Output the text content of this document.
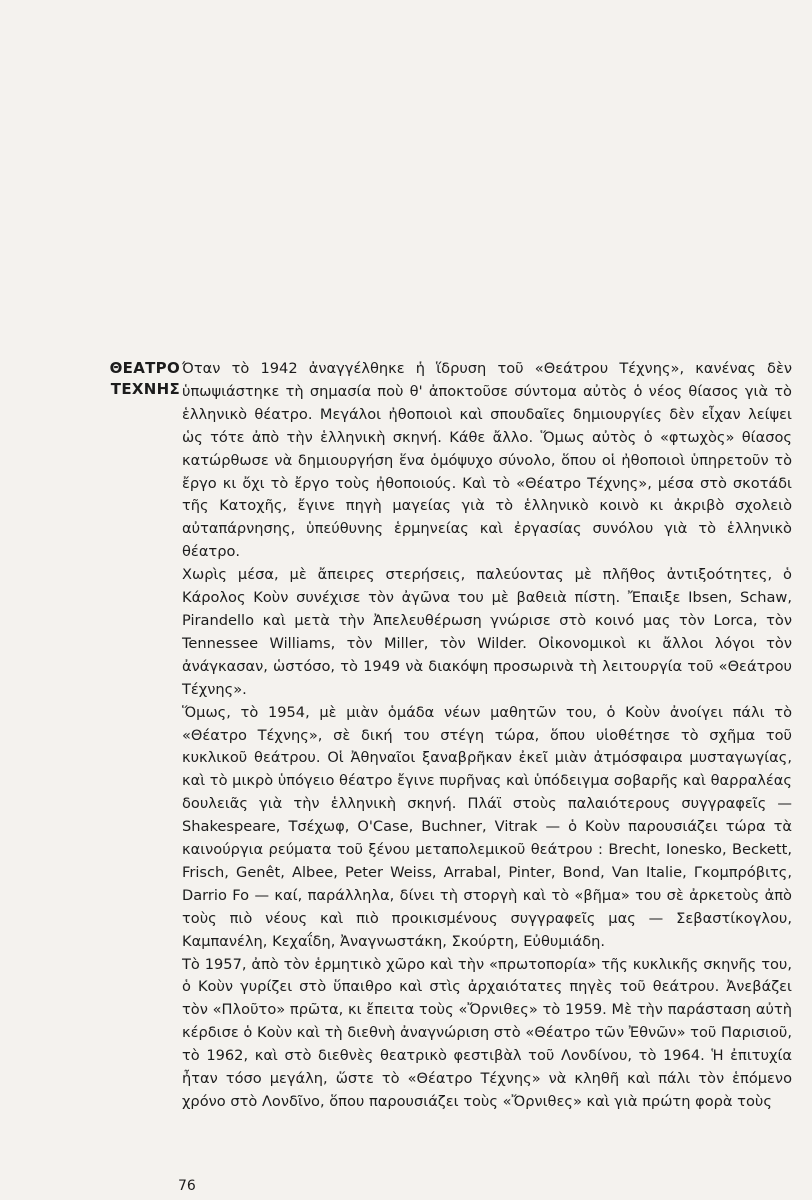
ΘΕΑΤΡΟ
ΤΕΧΝΗΣ

Όταν τὸ 1942 ἀναγγέλθηκε ἡ ἵδρυση τοῦ «Θεάτρου Τέχνης», κανένας δὲν ὑπωψιάστηκε τὴ σημασία ποὺ θ' ἀποκτοῦσε σύντομα αὐτὸς ὁ νέος θίασος γιὰ τὸ ἑλληνικὸ θέατρο. Μεγάλοι ἠθοποιοὶ καὶ σπουδαῖες δημιουργίες δὲν εἶχαν λείψει ὡς τότε ἀπὸ τὴν ἑλληνικὴ σκηνή. Κάθε ἄλλο. Ὅμως αὐτὸς ὁ «φτωχὸς» θίασος κατώρθωσε νὰ δημιουργήση ἕνα ὁμόψυχο σύνολο, ὅπου οἱ ἠθοποιοὶ ὑπηρετοῦν τὸ ἔργο κι ὄχι τὸ ἔργο τοὺς ἠθοποιούς. Καὶ τὸ «Θέατρο Τέχνης», μέσα στὸ σκοτάδι τῆς Κατοχῆς, ἔγινε πηγὴ μαγείας γιὰ τὸ ἑλληνικὸ κοινὸ κι ἀκριβὸ σχολειὸ αὐταπάρνησης, ὑπεύθυνης ἑρμηνείας καὶ ἐργασίας συνόλου γιὰ τὸ ἑλληνικὸ θέατρο.

Χωρὶς μέσα, μὲ ἄπειρες στερήσεις, παλεύοντας μὲ πλῆθος ἀντιξοότητες, ὁ Κάρολος Κοὺν συνέχισε τὸν ἀγῶνα του μὲ βαθειὰ πίστη. Ἔπαιξε Ibsen, Schaw, Pirandello καὶ μετὰ τὴν Ἀπελευθέρωση γνώρισε στὸ κοινό μας τὸν Lorca, τὸν Tennessee Williams, τὸν Miller, τὸν Wilder. Οἰκονομικοὶ κι ἄλλοι λόγοι τὸν ἀνάγκασαν, ὡστόσο, τὸ 1949 νὰ διακόψη προσωρινὰ τὴ λειτουργία τοῦ «Θεάτρου Τέχνης».

Ὅμως, τὸ 1954, μὲ μιὰν ὁμάδα νέων μαθητῶν του, ὁ Κοὺν ἀνοίγει πάλι τὸ «Θέατρο Τέχνης», σὲ δική του στέγη τώρα, ὅπου υἱοθέτησε τὸ σχῆμα τοῦ κυκλικοῦ θεάτρου. Οἱ Ἀθηναῖοι ξαναβρῆκαν ἐκεῖ μιὰν ἀτμόσφαιρα μυσταγωγίας, καὶ τὸ μικρὸ ὑπόγειο θέατρο ἔγινε πυρῆνας καὶ ὑπόδειγμα σοβαρῆς καὶ θαρραλέας δουλειᾶς γιὰ τὴν ἑλληνικὴ σκηνή. Πλάϊ στοὺς παλαιότερους συγγραφεῖς — Shakespeare, Τσέχωφ, O'Case, Buchner, Vitrak — ὁ Κοὺν παρουσιάζει τώρα τὰ καινούργια ρεύματα τοῦ ξένου μεταπολεμικοῦ θεάτρου : Brecht, Ionesko, Beckett, Frisch, Genêt, Albee, Peter Weiss, Arrabal, Pinter, Bond, Van Italie, Γκομπρόβιτς, Darrio Fo — καί, παράλληλα, δίνει τὴ στοργὴ καὶ τὸ «βῆμα» του σὲ ἀρκετοὺς ἀπὸ τοὺς πιὸ νέους καὶ πιὸ προικισμένους συγγραφεῖς μας — Σεβαστίκογλου, Καμπανέλη, Κεχαΐδη, Ἀναγνωστάκη, Σκούρτη, Εὐθυμιάδη.

Τὸ 1957, ἀπὸ τὸν ἑρμητικὸ χῶρο καὶ τὴν «πρωτοπορία» τῆς κυκλικῆς σκηνῆς του, ὁ Κοὺν γυρίζει στὸ ὕπαιθρο καὶ στὶς ἀρχαιότατες πηγὲς τοῦ θεάτρου. Ἀνεβάζει τὸν «Πλοῦτο» πρῶτα, κι ἔπειτα τοὺς «Ὄρνιθες» τὸ 1959. Μὲ τὴν παράσταση αὐτὴ κέρδισε ὁ Κοὺν καὶ τὴ διεθνὴ ἀναγνώριση στὸ «Θέατρο τῶν Ἐθνῶν» τοῦ Παρισιοῦ, τὸ 1962, καὶ στὸ διεθνὲς θεατρικὸ φεστιβὰλ τοῦ Λονδίνου, τὸ 1964. Ἡ ἐπιτυχία ἦταν τόσο μεγάλη, ὥστε τὸ «Θέατρο Τέχνης» νὰ κληθῆ καὶ πάλι τὸν ἑπόμενο χρόνο στὸ Λονδῖνο, ὅπου παρουσιάζει τοὺς «Ὄρνιθες» καὶ γιὰ πρώτη φορὰ τοὺς

76
